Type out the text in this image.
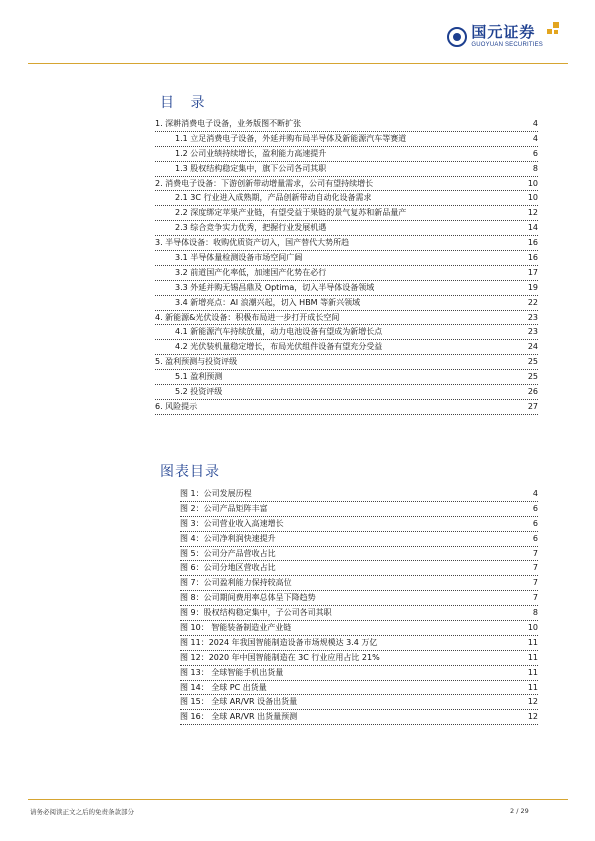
国元证券
GUOYUAN SECURITIES
目 录
1. 深耕消费电子设备，业务版图不断扩张	4
1.1 立足消费电子设备，外延并购布局半导体及新能源汽车等赛道	4
1.2 公司业绩持续增长，盈利能力高速提升	6
1.3 股权结构稳定集中，旗下公司各司其职	8
2. 消费电子设备：下游创新带动增量需求，公司有望持续增长	10
2.1 3C 行业进入成熟期，产品创新带动自动化设备需求	10
2.2 深度绑定苹果产业链，有望受益于果链的景气复苏和新品量产	12
2.3 综合竞争实力优秀，把握行业发展机遇	14
3. 半导体设备：收购优质资产切入，国产替代大势所趋	16
3.1 半导体量检测设备市场空间广阔	16
3.2 前道国产化率低，加速国产化势在必行	17
3.3 外延并购无锡昌鼎及 Optima，切入半导体设备领域	19
3.4 新增亮点：AI 浪潮兴起，切入 HBM 等新兴领域	22
4. 新能源&光伏设备：积极布局进一步打开成长空间	23
4.1 新能源汽车持续放量，动力电池设备有望成为新增长点	23
4.2 光伏装机量稳定增长，布局光伏组件设备有望充分受益	24
5. 盈利预测与投资评级	25
5.1 盈利预测	25
5.2 投资评级	26
6. 风险提示	27
图表目录
图 1：公司发展历程	4
图 2：公司产品矩阵丰富	6
图 3：公司营业收入高速增长	6
图 4：公司净利润快速提升	6
图 5：公司分产品营收占比	7
图 6：公司分地区营收占比	7
图 7：公司盈利能力保持较高位	7
图 8：公司期间费用率总体呈下降趋势	7
图 9：股权结构稳定集中，子公司各司其职	8
图 10： 智能装备制造业产业链	10
图 11：2024 年我国智能制造设备市场规模达 3.4 万亿	11
图 12：2020 年中国智能制造在 3C 行业应用占比 21%	11
图 13： 全球智能手机出货量	11
图 14： 全球 PC 出货量	11
图 15： 全球 AR/VR 设备出货量	12
图 16： 全球 AR/VR 出货量预测	12
请务必阅读正文之后的免责条款部分	2 / 29
